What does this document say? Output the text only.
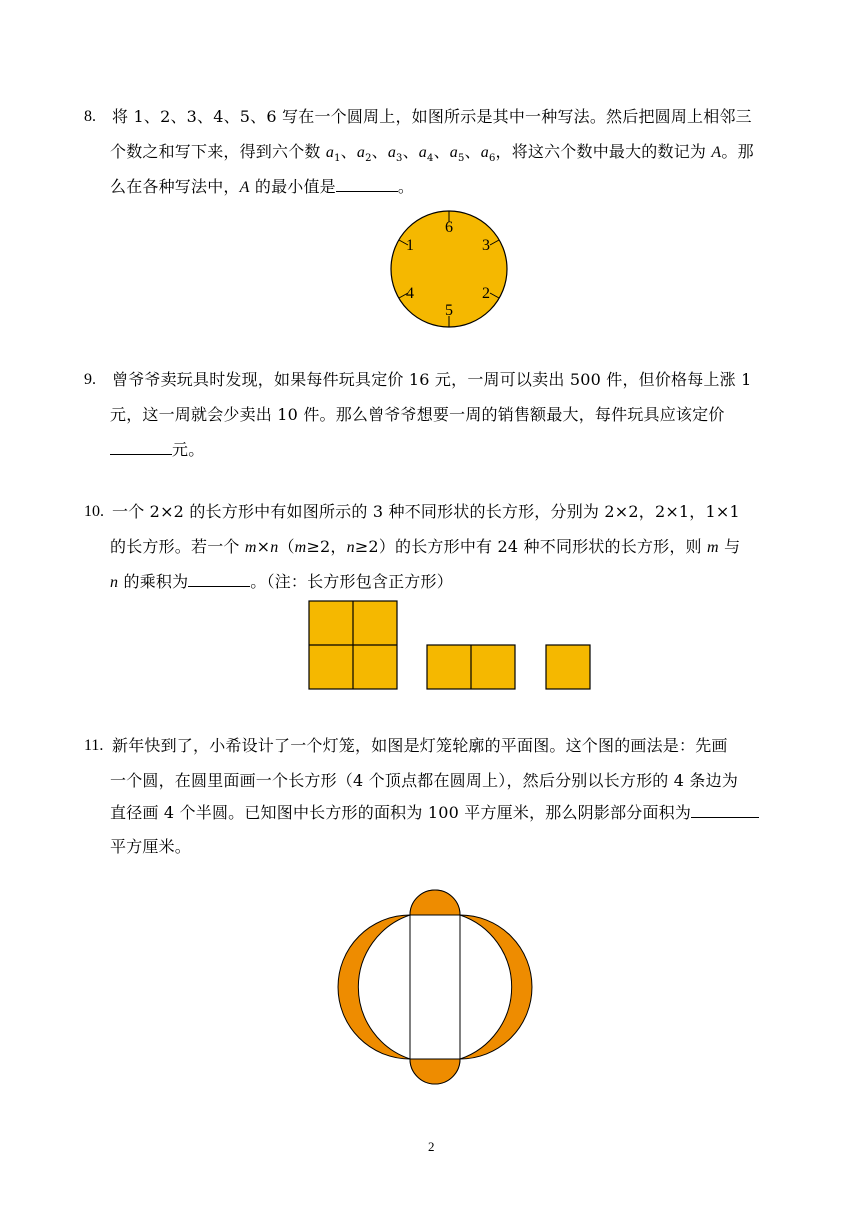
8. 将 1、2、3、4、5、6 写在一个圆周上，如图所示是其中一种写法。然后把圆周上相邻三
个数之和写下来，得到六个数 $a_1$、$a_2$、$a_3$、$a_4$、$a_5$、$a_6$，将这六个数中最大的数记为 A。那
么在各种写法中，A 的最小值是	。
6
3
2
5
4
1
9. 曾爷爷卖玩具时发现，如果每件玩具定价 16 元，一周可以卖出 500 件，但价格每上涨 1
元，这一周就会少卖出 10 件。那么曾爷爷想要一周的销售额最大，每件玩具应该定价
元。
10. 一个 2×2 的长方形中有如图所示的 3 种不同形状的长方形，分别为 2×2，2×1，1×1
的长方形。若一个 m×n（m≥2，n≥2）的长方形中有 24 种不同形状的长方形，则 m 与
n 的乘积为	。（注：长方形包含正方形）
11. 新年快到了，小希设计了一个灯笼，如图是灯笼轮廓的平面图。这个图的画法是：先画
一个圆，在圆里面画一个长方形（4 个顶点都在圆周上），然后分别以长方形的 4 条边为
直径画 4 个半圆。已知图中长方形的面积为 100 平方厘米，那么阴影部分面积为
平方厘米。
2
